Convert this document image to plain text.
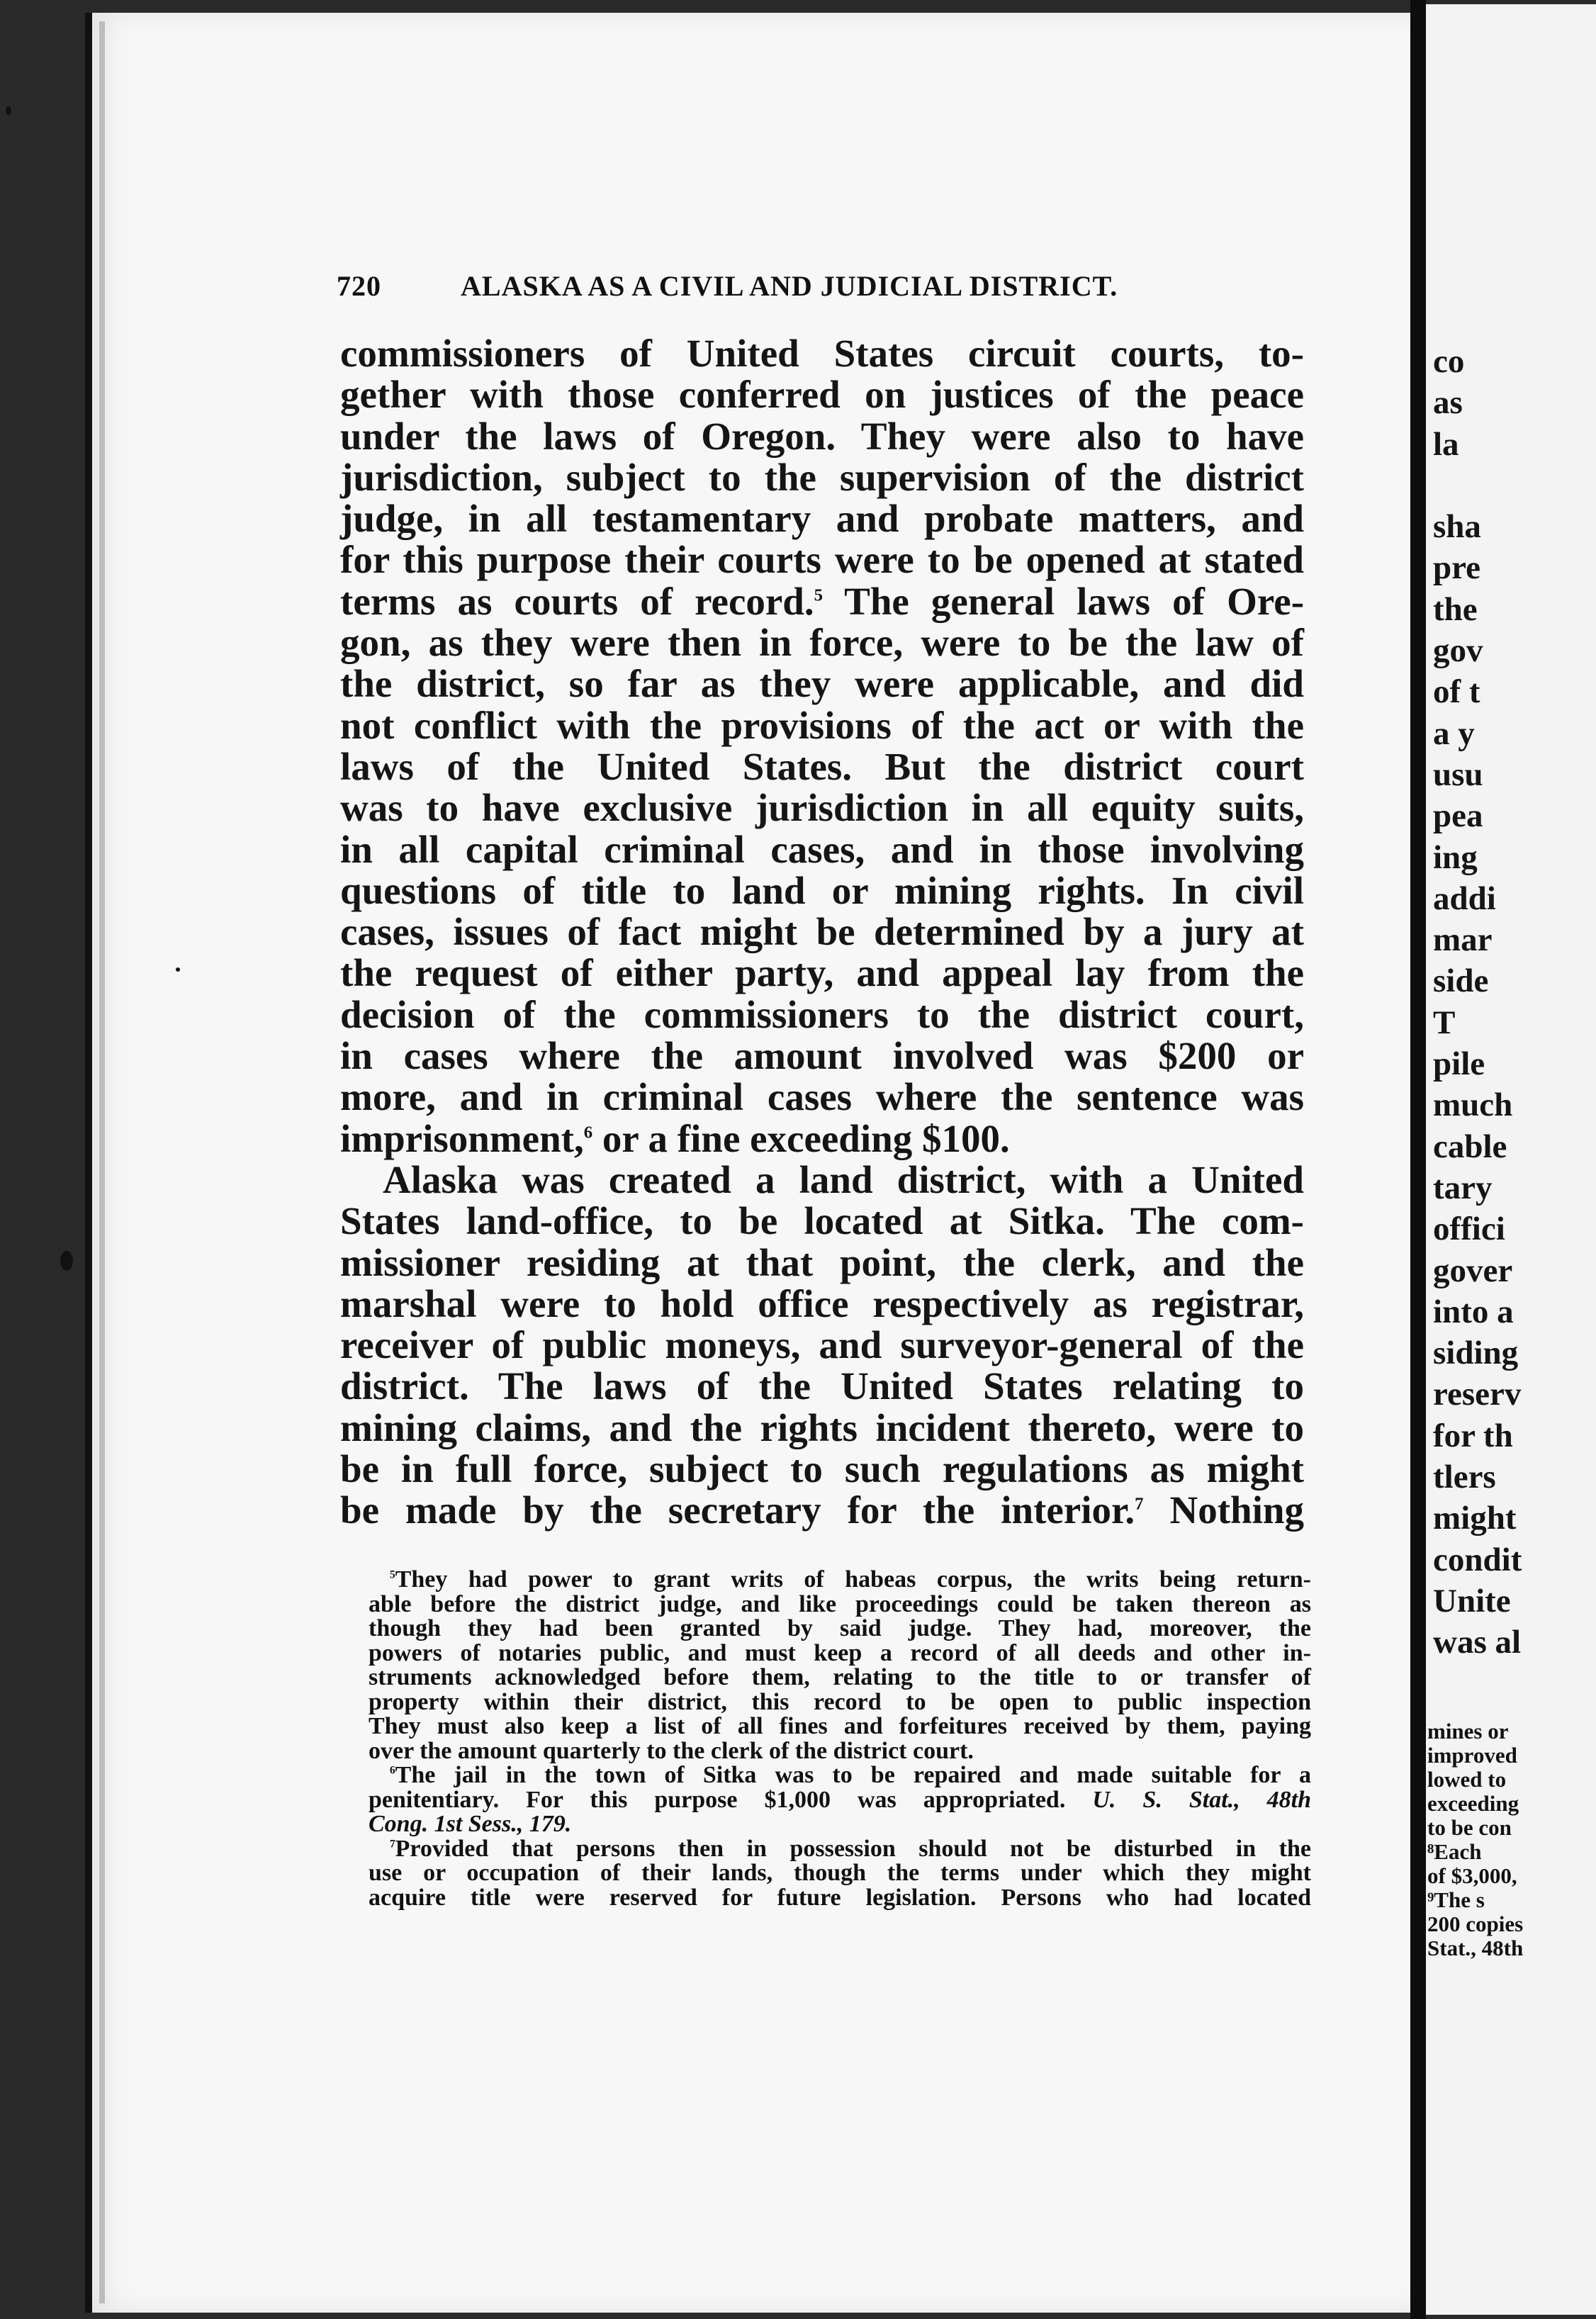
720	ALASKA AS A CIVIL AND JUDICIAL DISTRICT.
commissioners of United States circuit courts, to-
gether with those conferred on justices of the peace
under the laws of Oregon. They were also to have
jurisdiction, subject to the supervision of the district
judge, in all testamentary and probate matters, and
for this purpose their courts were to be opened at stated
terms as courts of record.$^5$ The general laws of Ore-
gon, as they were then in force, were to be the law of
the district, so far as they were applicable, and did
not conflict with the provisions of the act or with the
laws of the United States. But the district court
was to have exclusive jurisdiction in all equity suits,
in all capital criminal cases, and in those involving
questions of title to land or mining rights. In civil
cases, issues of fact might be determined by a jury at
the request of either party, and appeal lay from the
decision of the commissioners to the district court,
in cases where the amount involved was $200 or
more, and in criminal cases where the sentence was
imprisonment,$^6$ or a fine exceeding $100.
Alaska was created a land district, with a United
States land-office, to be located at Sitka. The com-
missioner residing at that point, the clerk, and the
marshal were to hold office respectively as registrar,
receiver of public moneys, and surveyor-general of the
district. The laws of the United States relating to
mining claims, and the rights incident thereto, were to
be in full force, subject to such regulations as might
be made by the secretary for the interior.$^7$ Nothing
$^5$They had power to grant writs of habeas corpus, the writs being return-
able before the district judge, and like proceedings could be taken thereon as
though they had been granted by said judge. They had, moreover, the
powers of notaries public, and must keep a record of all deeds and other in-
struments acknowledged before them, relating to the title to or transfer of
property within their district, this record to be open to public inspection
They must also keep a list of all fines and forfeitures received by them, paying
over the amount quarterly to the clerk of the district court.
$^6$The jail in the town of Sitka was to be repaired and made suitable for a
penitentiary. For this purpose $1,000 was appropriated. U. S. Stat., 48th
Cong. 1st Sess., 179.
$^7$Provided that persons then in possession should not be disturbed in the
use or occupation of their lands, though the terms under which they might
acquire title were reserved for future legislation. Persons who had located
co
as
la
sha
pre
the
gov
of t
a y
usu
pea
ing
addi
mar
side
T
pile
much
cable
tary
offici
gover
into a
siding
reserv
for th
tlers
might
condit
Unite
was al
mines or
improved
lowed to
exceeding
to be con
⁸Each
of $3,000,
⁹The s
200 copies
Stat., 48th
